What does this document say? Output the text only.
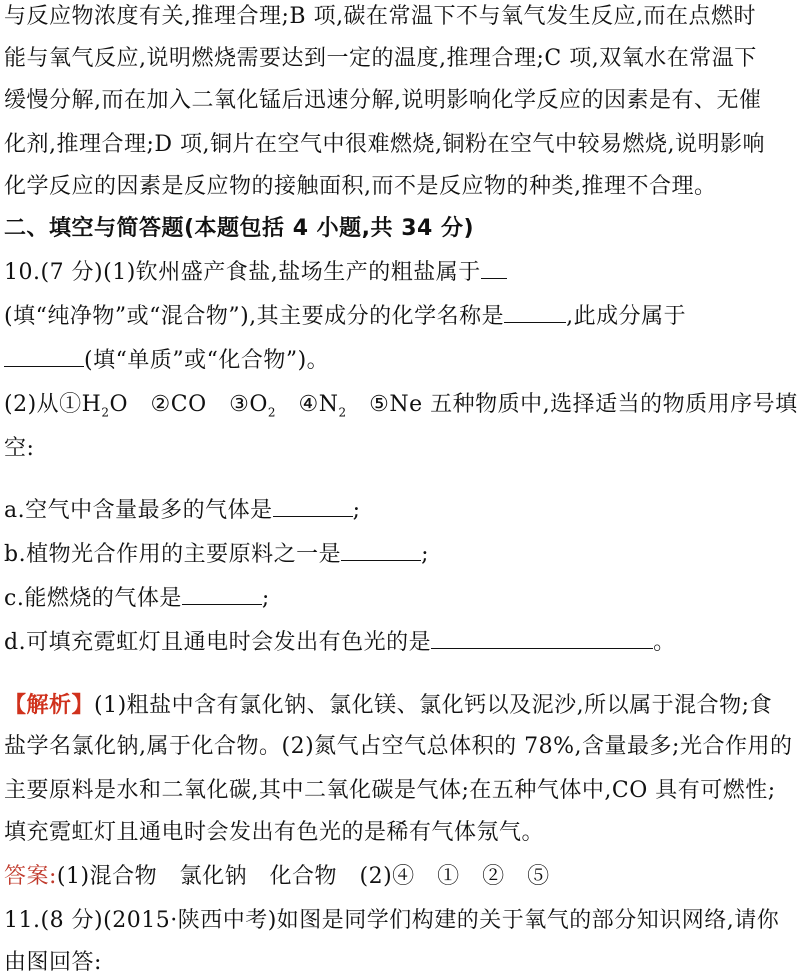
与反应物浓度有关,推理合理;B 项,碳在常温下不与氧气发生反应,而在点燃时
能与氧气反应,说明燃烧需要达到一定的温度,推理合理;C 项,双氧水在常温下
缓慢分解,而在加入二氧化锰后迅速分解,说明影响化学反应的因素是有、无催
化剂,推理合理;D 项,铜片在空气中很难燃烧,铜粉在空气中较易燃烧,说明影响
化学反应的因素是反应物的接触面积,而不是反应物的种类,推理不合理。
二、填空与简答题(本题包括 4 小题,共 34 分)
10.(7 分)(1)钦州盛产食盐,盐场生产的粗盐属于
(填“纯净物”或“混合物”),其主要成分的化学名称是	,此成分属于
(填“单质”或“化合物”)。
(2)从$①H_2O$ ②CO $③O_2$ $④N_2$ ⑤Ne 五种物质中,选择适当的物质用序号填
空:
a.空气中含量最多的气体是	;
b.植物光合作用的主要原料之一是	;
c.能燃烧的气体是	;
d.可填充霓虹灯且通电时会发出有色光的是	。
【解析】(1)粗盐中含有氯化钠、氯化镁、氯化钙以及泥沙,所以属于混合物;食
盐学名氯化钠,属于化合物。(2)氮气占空气总体积的 78%,含量最多;光合作用的
主要原料是水和二氧化碳,其中二氧化碳是气体;在五种气体中,CO 具有可燃性;
填充霓虹灯且通电时会发出有色光的是稀有气体氖气。
答案:(1)混合物   氯化钠   化合物   (2)④   ①   ②   ⑤
11.(8 分)(2015·陕西中考)如图是同学们构建的关于氧气的部分知识网络,请你
由图回答:
